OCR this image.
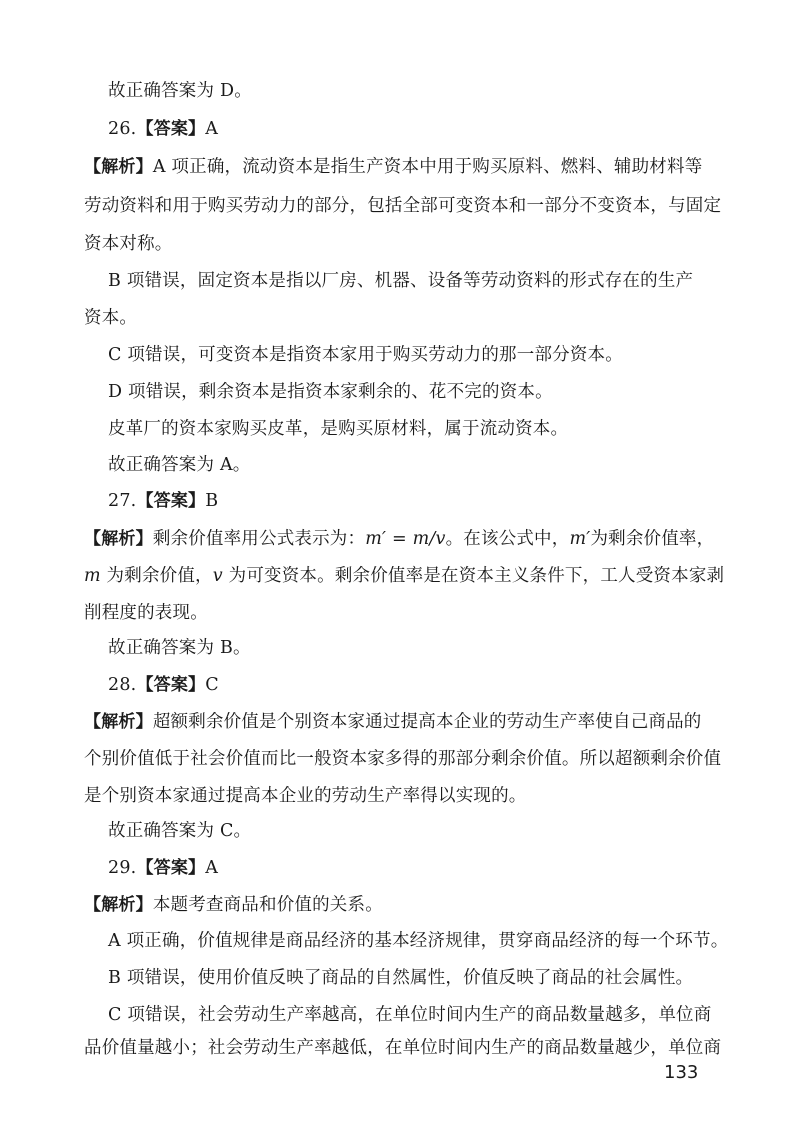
故正确答案为 D。
26.【答案】A
【解析】A 项正确，流动资本是指生产资本中用于购买原料、燃料、辅助材料等
劳动资料和用于购买劳动力的部分，包括全部可变资本和一部分不变资本，与固定
资本对称。
B 项错误，固定资本是指以厂房、机器、设备等劳动资料的形式存在的生产
资本。
C 项错误，可变资本是指资本家用于购买劳动力的那一部分资本。
D 项错误，剩余资本是指资本家剩余的、花不完的资本。
皮革厂的资本家购买皮革，是购买原材料，属于流动资本。
故正确答案为 A。
27.【答案】B
【解析】剩余价值率用公式表示为：m′ = m/v。在该公式中，m′为剩余价值率，
m 为剩余价值，v 为可变资本。剩余价值率是在资本主义条件下，工人受资本家剥
削程度的表现。
故正确答案为 B。
28.【答案】C
【解析】超额剩余价值是个别资本家通过提高本企业的劳动生产率使自己商品的
个别价值低于社会价值而比一般资本家多得的那部分剩余价值。所以超额剩余价值
是个别资本家通过提高本企业的劳动生产率得以实现的。
故正确答案为 C。
29.【答案】A
【解析】本题考查商品和价值的关系。
A 项正确，价值规律是商品经济的基本经济规律，贯穿商品经济的每一个环节。
B 项错误，使用价值反映了商品的自然属性，价值反映了商品的社会属性。
C 项错误，社会劳动生产率越高，在单位时间内生产的商品数量越多，单位商
品价值量越小；社会劳动生产率越低，在单位时间内生产的商品数量越少，单位商
133
